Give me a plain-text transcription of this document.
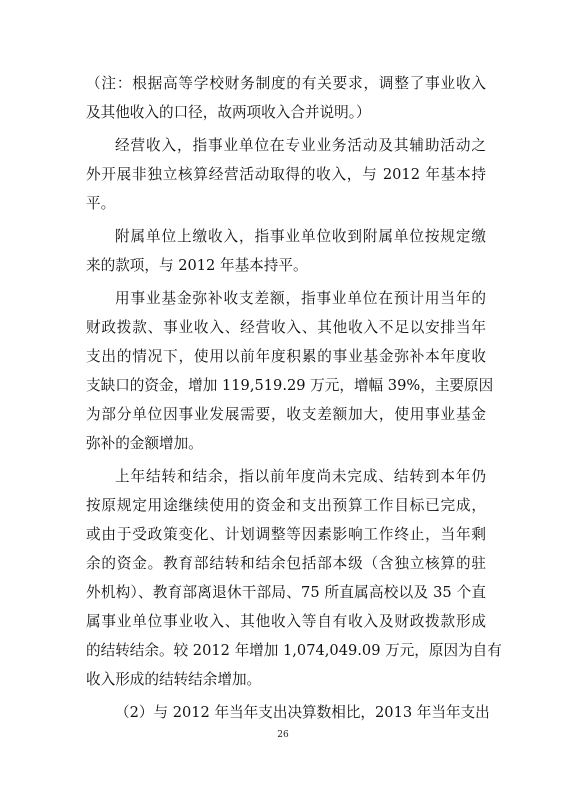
（注：根据高等学校财务制度的有关要求，调整了事业收入
及其他收入的口径，故两项收入合并说明。）
经营收入，指事业单位在专业业务活动及其辅助活动之
外开展非独立核算经营活动取得的收入，与 2012 年基本持
平。
附属单位上缴收入，指事业单位收到附属单位按规定缴
来的款项，与 2012 年基本持平。
用事业基金弥补收支差额，指事业单位在预计用当年的
财政拨款、事业收入、经营收入、其他收入不足以安排当年
支出的情况下，使用以前年度积累的事业基金弥补本年度收
支缺口的资金，增加 119,519.29 万元，增幅 39%，主要原因
为部分单位因事业发展需要，收支差额加大，使用事业基金
弥补的金额增加。
上年结转和结余，指以前年度尚未完成、结转到本年仍
按原规定用途继续使用的资金和支出预算工作目标已完成，
或由于受政策变化、计划调整等因素影响工作终止，当年剩
余的资金。教育部结转和结余包括部本级（含独立核算的驻
外机构）、教育部离退休干部局、75 所直属高校以及 35 个直
属事业单位事业收入、其他收入等自有收入及财政拨款形成
的结转结余。较 2012 年增加 1,074,049.09 万元，原因为自有
收入形成的结转结余增加。
（2）与 2012 年当年支出决算数相比，2013 年当年支出
26
